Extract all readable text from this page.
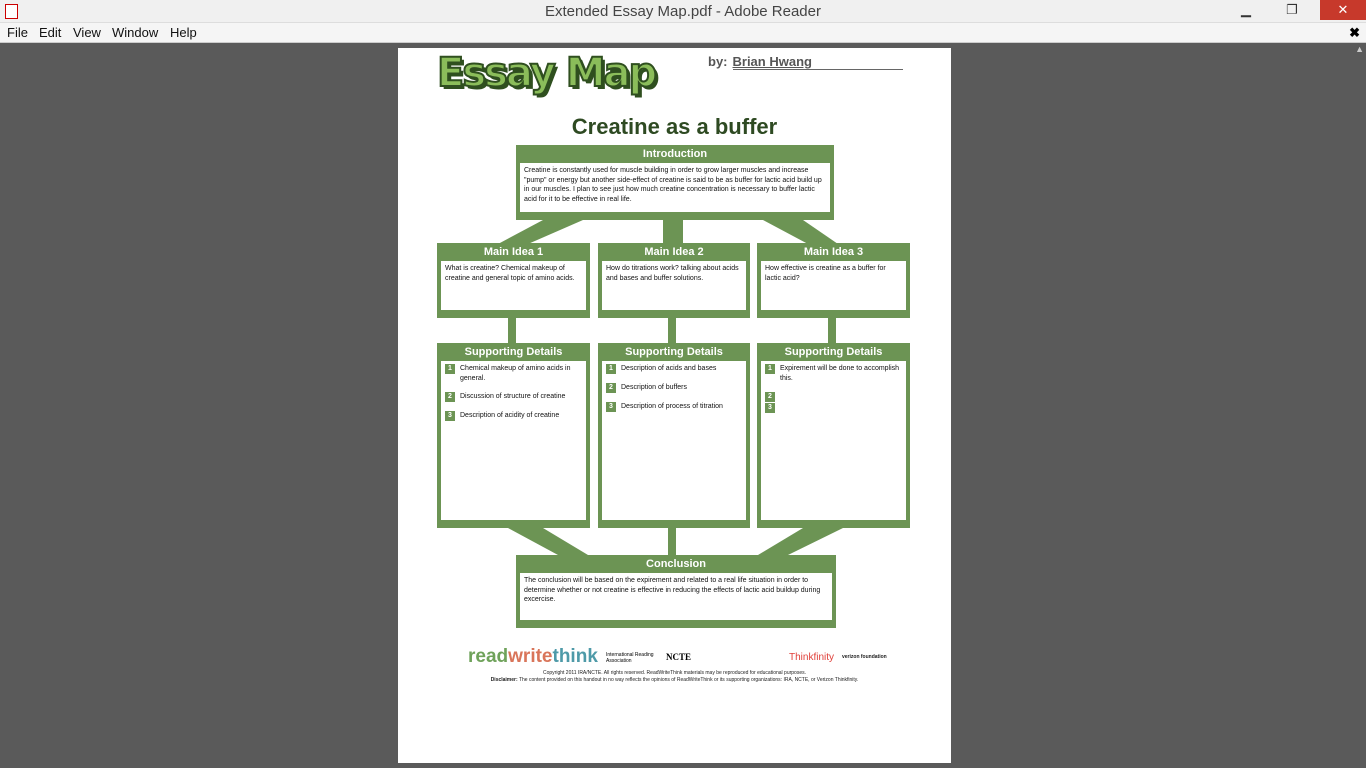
Extended Essay Map.pdf - Adobe Reader	▁	❐	✕
File Edit View Window Help	✖
▲
Essay Map	by: Brian Hwang
Creatine as a buffer
Introduction
Creatine is constantly used for muscle building in order to grow larger muscles and increase "pump" or energy but another side-effect of creatine is said to be as buffer for lactic acid build up in our muscles. I plan to see just how much creatine concentration is necessary to buffer lactic acid for it to be effective in real life.
Main Idea 1
What is creatine? Chemical makeup of creatine and general topic of amino acids.
Main Idea 2
How do titrations work? talking about acids and bases and buffer solutions.
Main Idea 3
How effective is creatine as a buffer for lactic acid?
Supporting Details
1	Chemical makeup of amino acids in general.
2	Discussion of structure of creatine
3	Description of acidity of creatine
Supporting Details
1	Description of acids and bases
2	Description of buffers
3	Description of process of titration
Supporting Details
1	Expirement will be done to accomplish this.
2
3
Conclusion
The conclusion will be based on the expirement and related to a real life situation in order to determine whether or not creatine is effective in reducing the effects of lactic acid buildup during excercise.
readwritethink International Reading Association	NCTE	Thinkfinity verizon foundation
Copyright 2011 IRA/NCTE. All rights reserved. ReadWriteThink materials may be reproduced for educational purposes.
Disclaimer: The content provided on this handout in no way reflects the opinions of ReadWriteThink or its supporting organizations: IRA, NCTE, or Verizon Thinkfinity.
